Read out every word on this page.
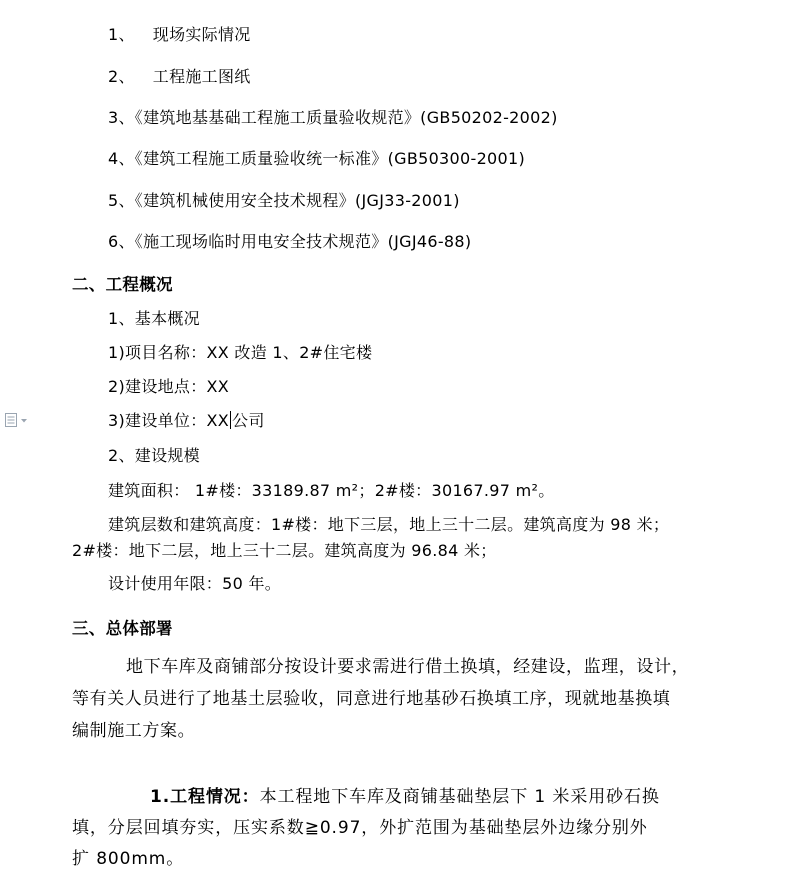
1、 现场实际情况
2、 工程施工图纸
3、《建筑地基基础工程施工质量验收规范》(GB50202-2002)
4、《建筑工程施工质量验收统一标准》(GB50300-2001)
5、《建筑机械使用安全技术规程》(JGJ33-2001)
6、《施工现场临时用电安全技术规范》(JGJ46-88)
二、工程概况
1、基本概况
1)项目名称：XX 改造 1、2#住宅楼
2)建设地点：XX
3)建设单位：XX 公司
2、建设规模
建筑面积： 1#楼：33189.87 m²；2#楼：30167.97 m²。
建筑层数和建筑高度：1#楼：地下三层，地上三十二层。建筑高度为 98 米；
2#楼：地下二层，地上三十二层。建筑高度为 96.84 米；
设计使用年限：50 年。
三、总体部署
地下车库及商铺部分按设计要求需进行借土换填，经建设，监理，设计，
等有关人员进行了地基土层验收，同意进行地基砂石换填工序，现就地基换填
编制施工方案。
1.工程情况：本工程地下车库及商铺基础垫层下 1 米采用砂石换
填，分层回填夯实，压实系数≧0.97，外扩范围为基础垫层外边缘分别外
扩 800mm。
